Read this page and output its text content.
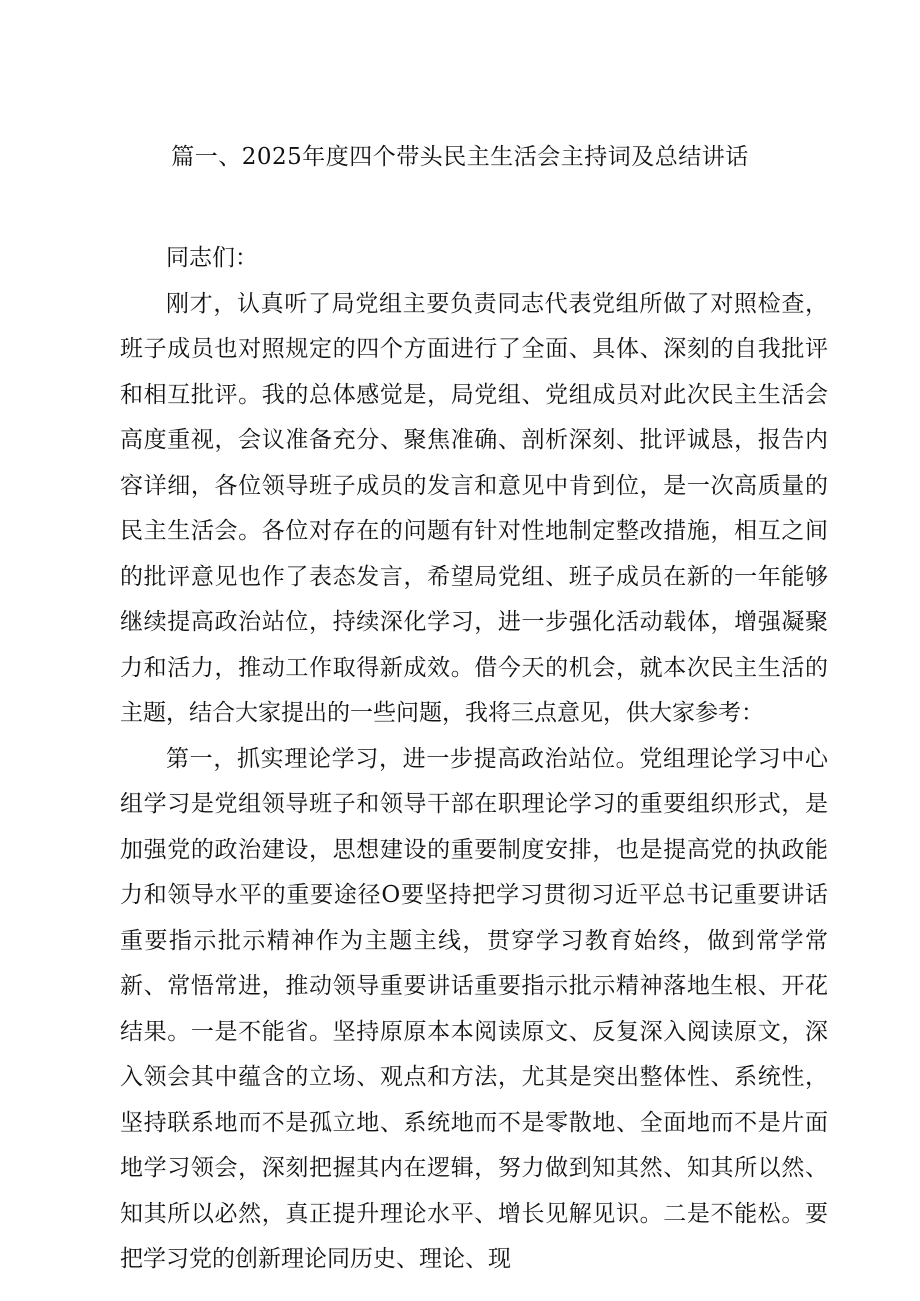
篇一、2025年度四个带头民主生活会主持词及总结讲话

同志们：

刚才，认真听了局党组主要负责同志代表党组所做了对照检查，班子成员也对照规定的四个方面进行了全面、具体、深刻的自我批评和相互批评。我的总体感觉是，局党组、党组成员对此次民主生活会高度重视，会议准备充分、聚焦准确、剖析深刻、批评诚恳，报告内容详细，各位领导班子成员的发言和意见中肯到位，是一次高质量的民主生活会。各位对存在的问题有针对性地制定整改措施，相互之间的批评意见也作了表态发言，希望局党组、班子成员在新的一年能够继续提高政治站位，持续深化学习，进一步强化活动载体，增强凝聚力和活力，推动工作取得新成效。借今天的机会，就本次民主生活的主题，结合大家提出的一些问题，我将三点意见，供大家参考：

第一，抓实理论学习，进一步提高政治站位。党组理论学习中心组学习是党组领导班子和领导干部在职理论学习的重要组织形式，是加强党的政治建设，思想建设的重要制度安排，也是提高党的执政能力和领导水平的重要途径O要坚持把学习贯彻习近平总书记重要讲话重要指示批示精神作为主题主线，贯穿学习教育始终，做到常学常新、常悟常进，推动领导重要讲话重要指示批示精神落地生根、开花结果。一是不能省。坚持原原本本阅读原文、反复深入阅读原文，深入领会其中蕴含的立场、观点和方法，尤其是突出整体性、系统性，坚持联系地而不是孤立地、系统地而不是零散地、全面地而不是片面地学习领会，深刻把握其内在逻辑，努力做到知其然、知其所以然、知其所以必然，真正提升理论水平、增长见解见识。二是不能松。要把学习党的创新理论同历史、理论、现
